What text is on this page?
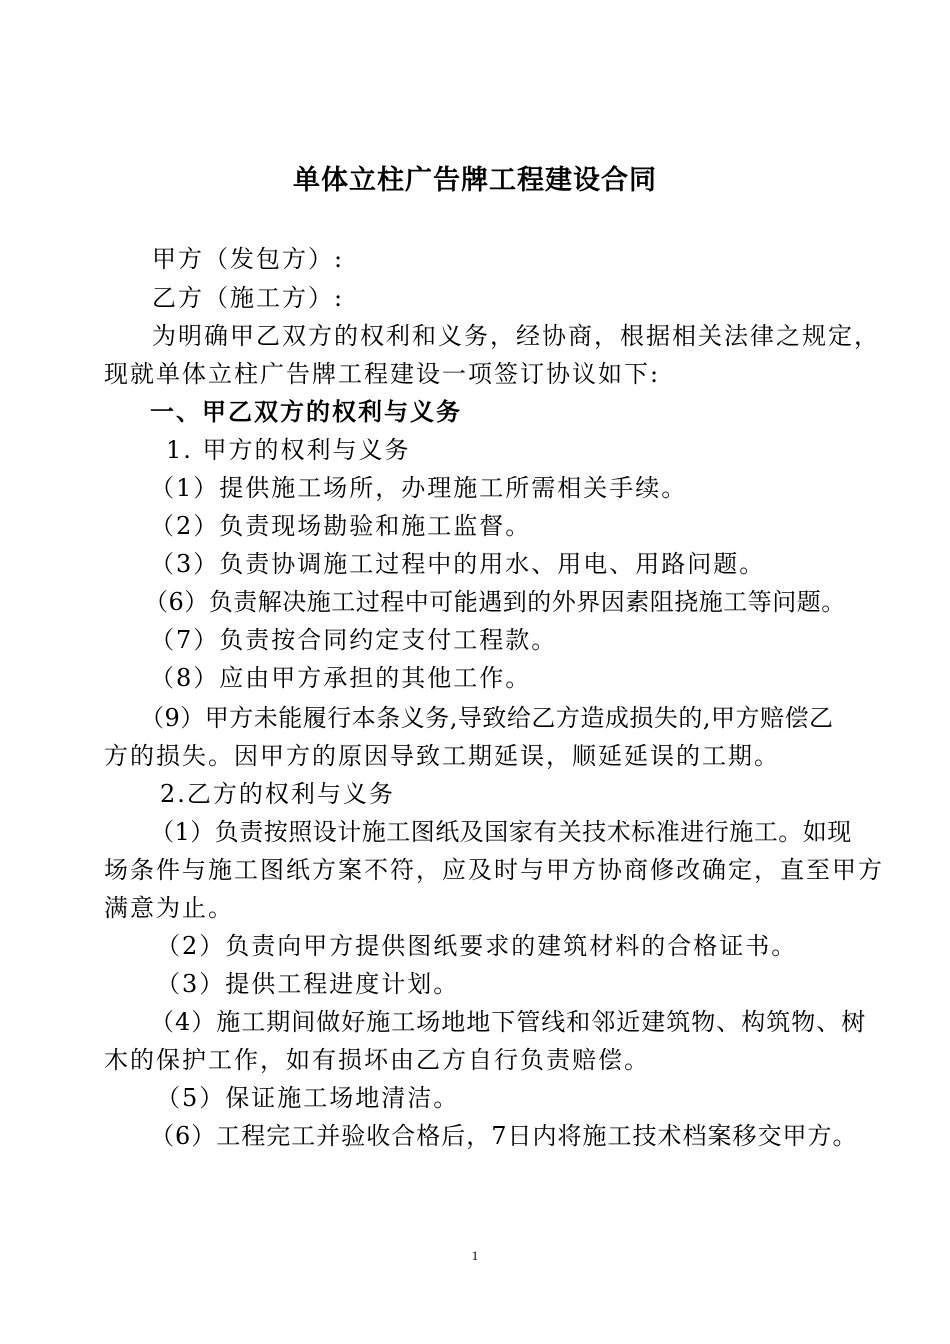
单体立柱广告牌工程建设合同
甲方（发包方）:
乙方（施工方）:
为明确甲乙双方的权利和义务，经协商，根据相关法律之规定，
现就单体立柱广告牌工程建设一项签订协议如下:
一、甲乙双方的权利与义务
1. 甲方的权利与义务
（1）提供施工场所，办理施工所需相关手续。
（2）负责现场勘验和施工监督。
（3）负责协调施工过程中的用水、用电、用路问题。
（6）负责解决施工过程中可能遇到的外界因素阻挠施工等问题。
（7）负责按合同约定支付工程款。
（8）应由甲方承担的其他工作。
（9）甲方未能履行本条义务,导致给乙方造成损失的,甲方赔偿乙
方的损失。因甲方的原因导致工期延误，顺延延误的工期。
2.乙方的权利与义务
（1）负责按照设计施工图纸及国家有关技术标准进行施工。如现
场条件与施工图纸方案不符，应及时与甲方协商修改确定，直至甲方
满意为止。
（2）负责向甲方提供图纸要求的建筑材料的合格证书。
（3）提供工程进度计划。
（4）施工期间做好施工场地地下管线和邻近建筑物、构筑物、树
木的保护工作，如有损坏由乙方自行负责赔偿。
（5）保证施工场地清洁。
（6）工程完工并验收合格后，7日内将施工技术档案移交甲方。
1
